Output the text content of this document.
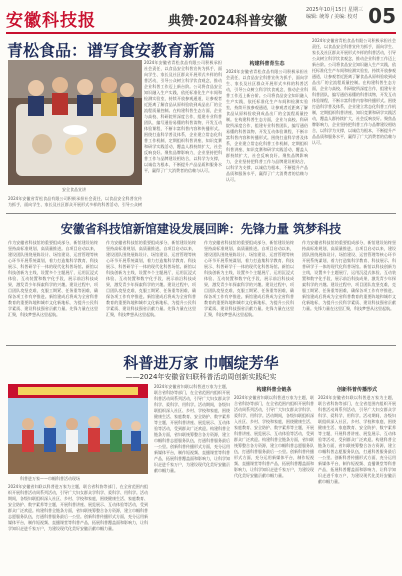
安徽科技报	典赞·2024科普安徽
2025年10月15日 星期三
编辑: 统筹 / 美编: 校对 05
青松食品：谱写食安教育新篇
安全食品宣讲
2024年安徽省青松食品有限公司积极承担社会责任，以食品安全科普宣传为抓手，面向学生、家长及社区群众开展形式多样的科普活动，引导公众树立科学饮食观念，推动企业科普工作迈上新台阶。公司将食品安全知识融入生产实践，依托标准化生产车间和检测实验室，持续开放参观通道，让参观者近距离了解食品从原料验收到成品出厂的全流程质量控制。在构建科普生态方面，企业与高校、科研院所深度合作，组建专业科普团队，编写通俗易懂的科普读物，开发互动体验课程，不断丰富科普内容和传播形式。围绕打造科学普及体系，企业建立常态化科普工作机制，定期组织科普讲座、知识竞赛和研学实践活动，覆盖人群持续扩大，社会反响良好。聚焦品牌影响力，企业坚持把科普工作与品牌建设相结合，以科学为支撑，以诚信为根本，不断提升产品品质和服务水平，赢得了广大消费者的信赖与认可。
构建科普育生态
2024年安徽省青松食品有限公司积极承担社会责任，以食品安全科普宣传为抓手，面向学生、家长及社区群众开展形式多样的科普活动，引导公众树立科学饮食观念，推动企业科普工作迈上新台阶。公司将食品安全知识融入生产实践，依托标准化生产车间和检测实验室，持续开放参观通道，让参观者近距离了解食品从原料验收到成品出厂的全流程质量控制。在构建科普生态方面，企业与高校、科研院所深度合作，组建专业科普团队，编写通俗易懂的科普读物，开发互动体验课程，不断丰富科普内容和传播形式。围绕打造科学普及体系，企业建立常态化科普工作机制，定期组织科普讲座、知识竞赛和研学实践活动，覆盖人群持续扩大，社会反响良好。聚焦品牌影响力，企业坚持把科普工作与品牌建设相结合，以科学为支撑，以诚信为根本，不断提升产品品质和服务水平，赢得了广大消费者的信赖与认可。
2024年安徽省青松食品有限公司积极承担社会责任，以食品安全科普宣传为抓手，面向学生、家长及社区群众开展形式多样的科普活动，引导公众树立科学饮食观念，推动企业科普工作迈上新台阶。公司将食品安全知识融入生产实践，依托标准化生产车间和检测实验室，持续开放参观通道，让参观者近距离了解食品从原料验收到成品出厂的全流程质量控制。在构建科普生态方面，企业与高校、科研院所深度合作，组建专业科普团队，编写通俗易懂的科普读物，开发互动体验课程，不断丰富科普内容和传播形式。围绕打造科学普及体系，企业建立常态化科普工作机制，定期组织科普讲座、知识竞赛和研学实践活动，覆盖人群持续扩大，社会反响良好。聚焦品牌影响力，企业坚持把科普工作与品牌建设相结合，以科学为支撑，以诚信为根本，不断提升产品品质和服务水平，赢得了广大消费者的信赖与认可。
2024年安徽省青松食品有限公司积极承担社会责任，以食品安全科普宣传为抓手，面向学生、家长及社区群众开展形式多样的科普活动，引导公众树
安徽省科技馆新馆建设发展回眸：先锋力量 筑梦科技
作为安徽省科技馆的重要组成部分，新馆建设始终坚持高标准规划、高质量推进。自项目启动以来，建设团队围绕展陈设计、场馆建设、运营管理等核心环节开展系统谋划，着力打造集科学教育、科技展示、科普研学于一体的现代化科普场馆。新馆以科技创新为主线，设置多个主题展厅，运用沉浸式体验、互动装置和数字化手段，展示前沿科技成果，激发青少年探索科学的兴趣。建设过程中，项目团队攻坚克难，克服工期紧、任务重等困难，确保各项工作有序推进。新馆建成后将成为全省科普教育的重要阵地和城市文化新地标，为提升公民科学素质、建设科技强省贡献力量。先锋力量在这里汇聚，科技梦想从这里起航。
作为安徽省科技馆的重要组成部分，新馆建设始终坚持高标准规划、高质量推进。自项目启动以来，建设团队围绕展陈设计、场馆建设、运营管理等核心环节开展系统谋划，着力打造集科学教育、科技展示、科普研学于一体的现代化科普场馆。新馆以科技创新为主线，设置多个主题展厅，运用沉浸式体验、互动装置和数字化手段，展示前沿科技成果，激发青少年探索科学的兴趣。建设过程中，项目团队攻坚克难，克服工期紧、任务重等困难，确保各项工作有序推进。新馆建成后将成为全省科普教育的重要阵地和城市文化新地标，为提升公民科学素质、建设科技强省贡献力量。先锋力量在这里汇聚，科技梦想从这里起航。
作为安徽省科技馆的重要组成部分，新馆建设始终坚持高标准规划、高质量推进。自项目启动以来，建设团队围绕展陈设计、场馆建设、运营管理等核心环节开展系统谋划，着力打造集科学教育、科技展示、科普研学于一体的现代化科普场馆。新馆以科技创新为主线，设置多个主题展厅，运用沉浸式体验、互动装置和数字化手段，展示前沿科技成果，激发青少年探索科学的兴趣。建设过程中，项目团队攻坚克难，克服工期紧、任务重等困难，确保各项工作有序推进。新馆建成后将成为全省科普教育的重要阵地和城市文化新地标，为提升公民科学素质、建设科技强省贡献力量。先锋力量在这里汇聚，科技梦想从这里起航。
作为安徽省科技馆的重要组成部分，新馆建设始终坚持高标准规划、高质量推进。自项目启动以来，建设团队围绕展陈设计、场馆建设、运营管理等核心环节开展系统谋划，着力打造集科学教育、科技展示、科普研学于一体的现代化科普场馆。新馆以科技创新为主线，设置多个主题展厅，运用沉浸式体验、互动装置和数字化手段，展示前沿科技成果，激发青少年探索科学的兴趣。建设过程中，项目团队攻坚克难，克服工期紧、任务重等困难，确保各项工作有序推进。新馆建成后将成为全省科普教育的重要阵地和城市文化新地标，为提升公民科学素质、建设科技强省贡献力量。先锋力量在这里汇聚，科技梦想从这里起航。
科普进万家 巾帼绽芳华
——2024年安徽省妇联科普活动周创新实践纪实
科普进万家——巾帼科普活动现场
2024年安徽省妇联以科普进万家为主题，联合省科协等部门，在全省范围内组织开展科普活动周系列活动，引导广大妇女群众学科学、爱科学、用科学。活动期间，各级妇联组织深入社区、乡村、学校和家庭，围绕健康生活、家庭教育、安全防护、数字素养等主题，开展科普讲座、展览展示、互动体验等活动，受到群众广泛欢迎。构建科普全链条方面，省妇联统筹整合各方资源，建立巾帼科普志愿服务队伍，打通科普服务最后一公里。创新科普传播形式方面，充分运用新媒体平台，制作短视频、直播课堂等科普产品，拓展科普覆盖面和影响力，让科学知识走进千家万户，为建设现代化美好安徽贡献巾帼力量。
2024年安徽省妇联以科普进万家为主题，联合省科协等部门，在全省范围内组织开展科普活动周系列活动，引导广大妇女群众学科学、爱科学、用科学。活动期间，各级妇联组织深入社区、乡村、学校和家庭，围绕健康生活、家庭教育、安全防护、数字素养等主题，开展科普讲座、展览展示、互动体验等活动，受到群众广泛欢迎。构建科普全链条方面，省妇联统筹整合各方资源，建立巾帼科普志愿服务队伍，打通科普服务最后一公里。创新科普传播形式方面，充分运用新媒体平台，制作短视频、直播课堂等科普产品，拓展科普覆盖面和影响力，让科学知识走进千家万户，为建设现代化美好安徽贡献巾帼力量。
构建科普全链条
2024年安徽省妇联以科普进万家为主题，联合省科协等部门，在全省范围内组织开展科普活动周系列活动，引导广大妇女群众学科学、爱科学、用科学。活动期间，各级妇联组织深入社区、乡村、学校和家庭，围绕健康生活、家庭教育、安全防护、数字素养等主题，开展科普讲座、展览展示、互动体验等活动，受到群众广泛欢迎。构建科普全链条方面，省妇联统筹整合各方资源，建立巾帼科普志愿服务队伍，打通科普服务最后一公里。创新科普传播形式方面，充分运用新媒体平台，制作短视频、直播课堂等科普产品，拓展科普覆盖面和影响力，让科学知识走进千家万户，为建设现代化美好安徽贡献巾帼力量。
创新科普传播形式
2024年安徽省妇联以科普进万家为主题，联合省科协等部门，在全省范围内组织开展科普活动周系列活动，引导广大妇女群众学科学、爱科学、用科学。活动期间，各级妇联组织深入社区、乡村、学校和家庭，围绕健康生活、家庭教育、安全防护、数字素养等主题，开展科普讲座、展览展示、互动体验等活动，受到群众广泛欢迎。构建科普全链条方面，省妇联统筹整合各方资源，建立巾帼科普志愿服务队伍，打通科普服务最后一公里。创新科普传播形式方面，充分运用新媒体平台，制作短视频、直播课堂等科普产品，拓展科普覆盖面和影响力，让科学知识走进千家万户，为建设现代化美好安徽贡献巾帼力量。
